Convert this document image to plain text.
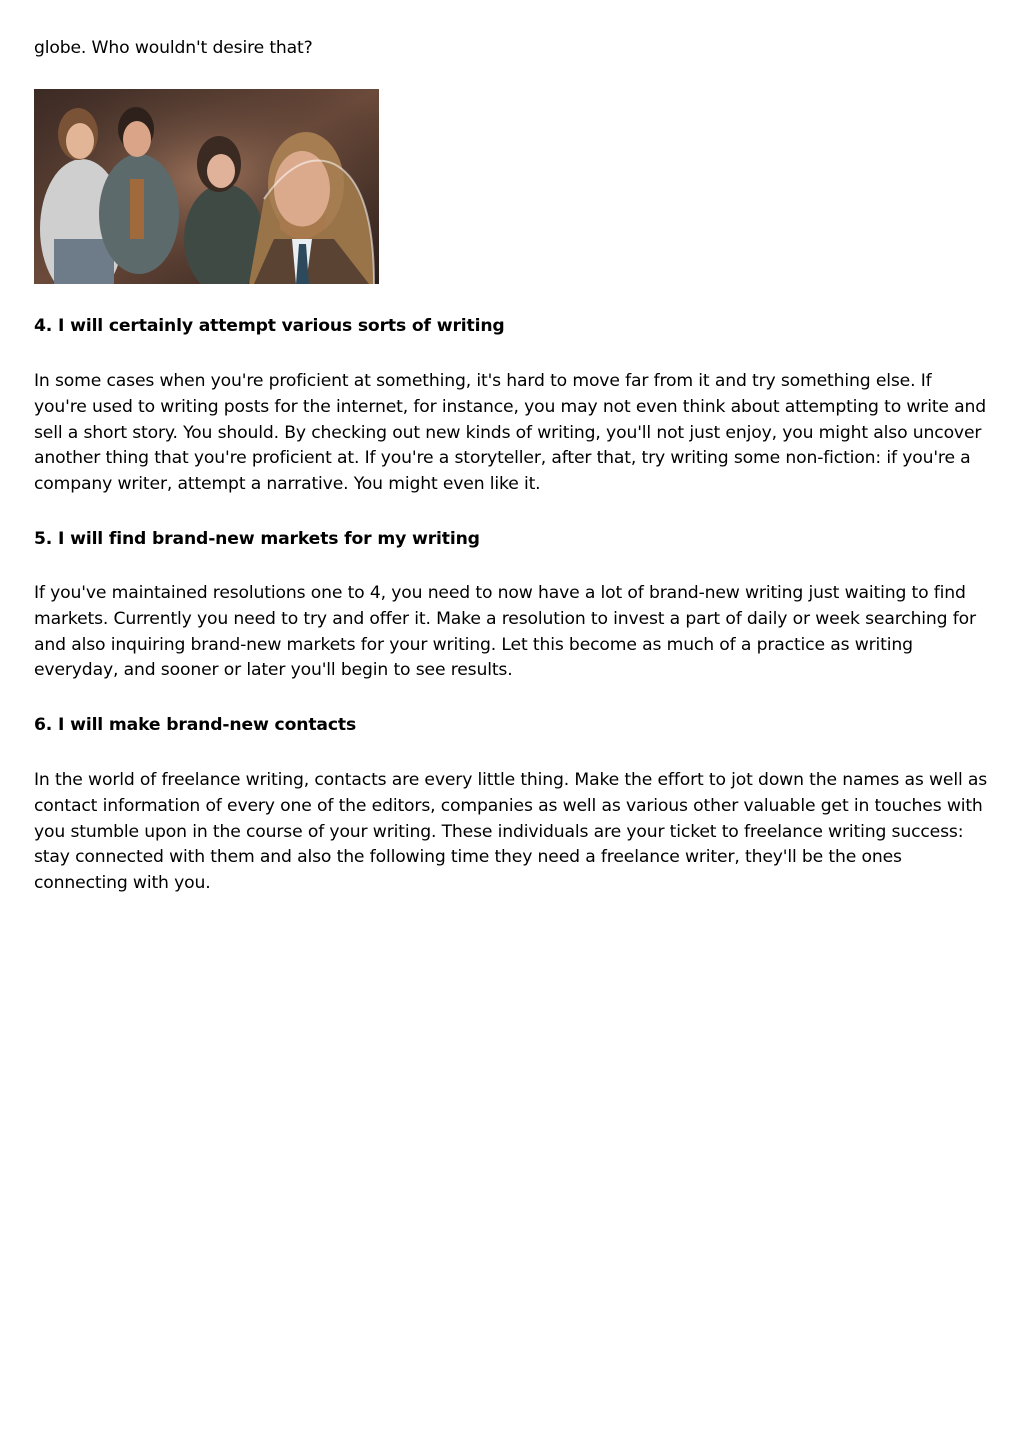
globe. Who wouldn't desire that?

4. I will certainly attempt various sorts of writing

In some cases when you're proficient at something, it's hard to move far from it and try something else. If you're used to writing posts for the internet, for instance, you may not even think about attempting to write and sell a short story. You should. By checking out new kinds of writing, you'll not just enjoy, you might also uncover another thing that you're proficient at. If you're a storyteller, after that, try writing some non-fiction: if you're a company writer, attempt a narrative. You might even like it.

5. I will find brand-new markets for my writing

If you've maintained resolutions one to 4, you need to now have a lot of brand-new writing just waiting to find markets. Currently you need to try and offer it. Make a resolution to invest a part of daily or week searching for and also inquiring brand-new markets for your writing. Let this become as much of a practice as writing everyday, and sooner or later you'll begin to see results.

6. I will make brand-new contacts

In the world of freelance writing, contacts are every little thing. Make the effort to jot down the names as well as contact information of every one of the editors, companies as well as various other valuable get in touches with you stumble upon in the course of your writing. These individuals are your ticket to freelance writing success: stay connected with them and also the following time they need a freelance writer, they'll be the ones connecting with you.
